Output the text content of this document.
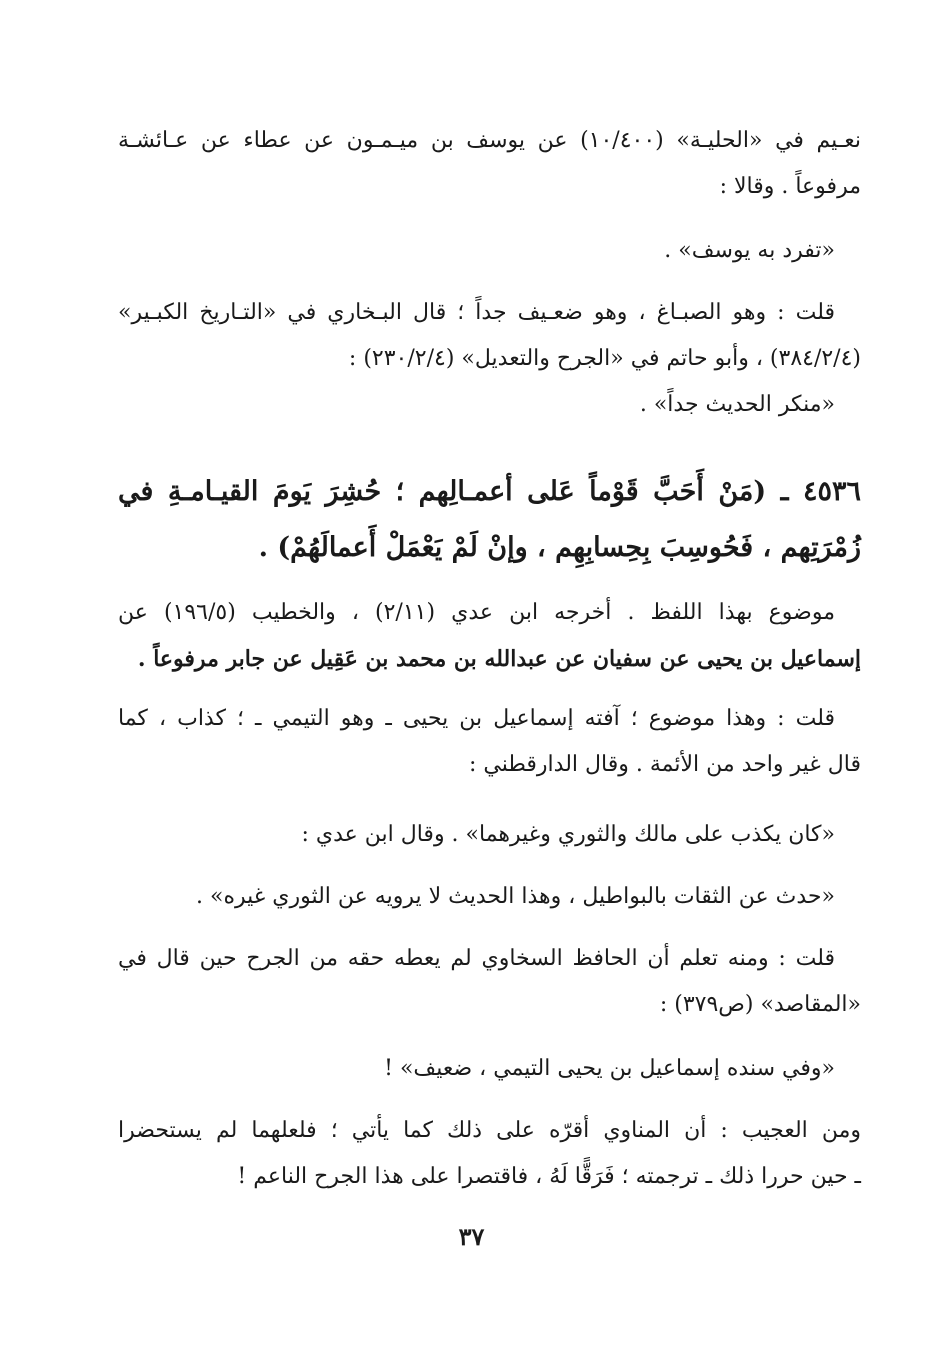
نعـيم في «الحليـة» (١٠/٤٠٠) عن يوسف بن ميـمـون عن عطاء عن عـائشـة
مرفوعاً . وقالا :
«تفرد به يوسف» .
قلت : وهو الصبـاغ ، وهو ضعـيف جداً ؛ قال البـخاري في «التـاريخ الكبـير»
(٣٨٤/٢/٤) ، وأبو حاتم في «الجرح والتعديل» (٢٣٠/٢/٤) :
«منكر الحديث جداً» .
٤٥٣٦ ـ (مَنْ أَحَبَّ قَوْماً عَلى أعمـالِهم ؛ حُشِرَ يَومَ القيـامـةِ في
زُمْرَتِهم ، فَحُوسِبَ بِحِسابِهِم ، وإنْ لَمْ يَعْمَلْ أَعمالَهُمْ) .
موضوع بهذا اللفظ . أخرجه ابن عدي (٢/١١) ، والخطيب (١٩٦/٥) عن
إسماعيل بن يحيى عن سفيان عن عبدالله بن محمد بن عَقِيل عن جابر مرفوعاً .
قلت : وهذا موضوع ؛ آفته إسماعيل بن يحيى ـ وهو التيمي ـ ؛ كذاب ، كما
قال غير واحد من الأئمة . وقال الدارقطني :
«كان يكذب على مالك والثوري وغيرهما» . وقال ابن عدي :
«حدث عن الثقات بالبواطيل ، وهذا الحديث لا يرويه عن الثوري غيره» .
قلت : ومنه تعلم أن الحافظ السخاوي لم يعطه حقه من الجرح حين قال في
«المقاصد» (ص٣٧٩) :
«وفي سنده إسماعيل بن يحيى التيمي ، ضعيف» !
ومن العجيب : أن المناوي أقرّه على ذلك كما يأتي ؛ فلعلهما لم يستحضرا
ـ حين حررا ذلك ـ ترجمته ؛ فَرَقًّا لَهُ ، فاقتصرا على هذا الجرح الناعم !
٣٧
